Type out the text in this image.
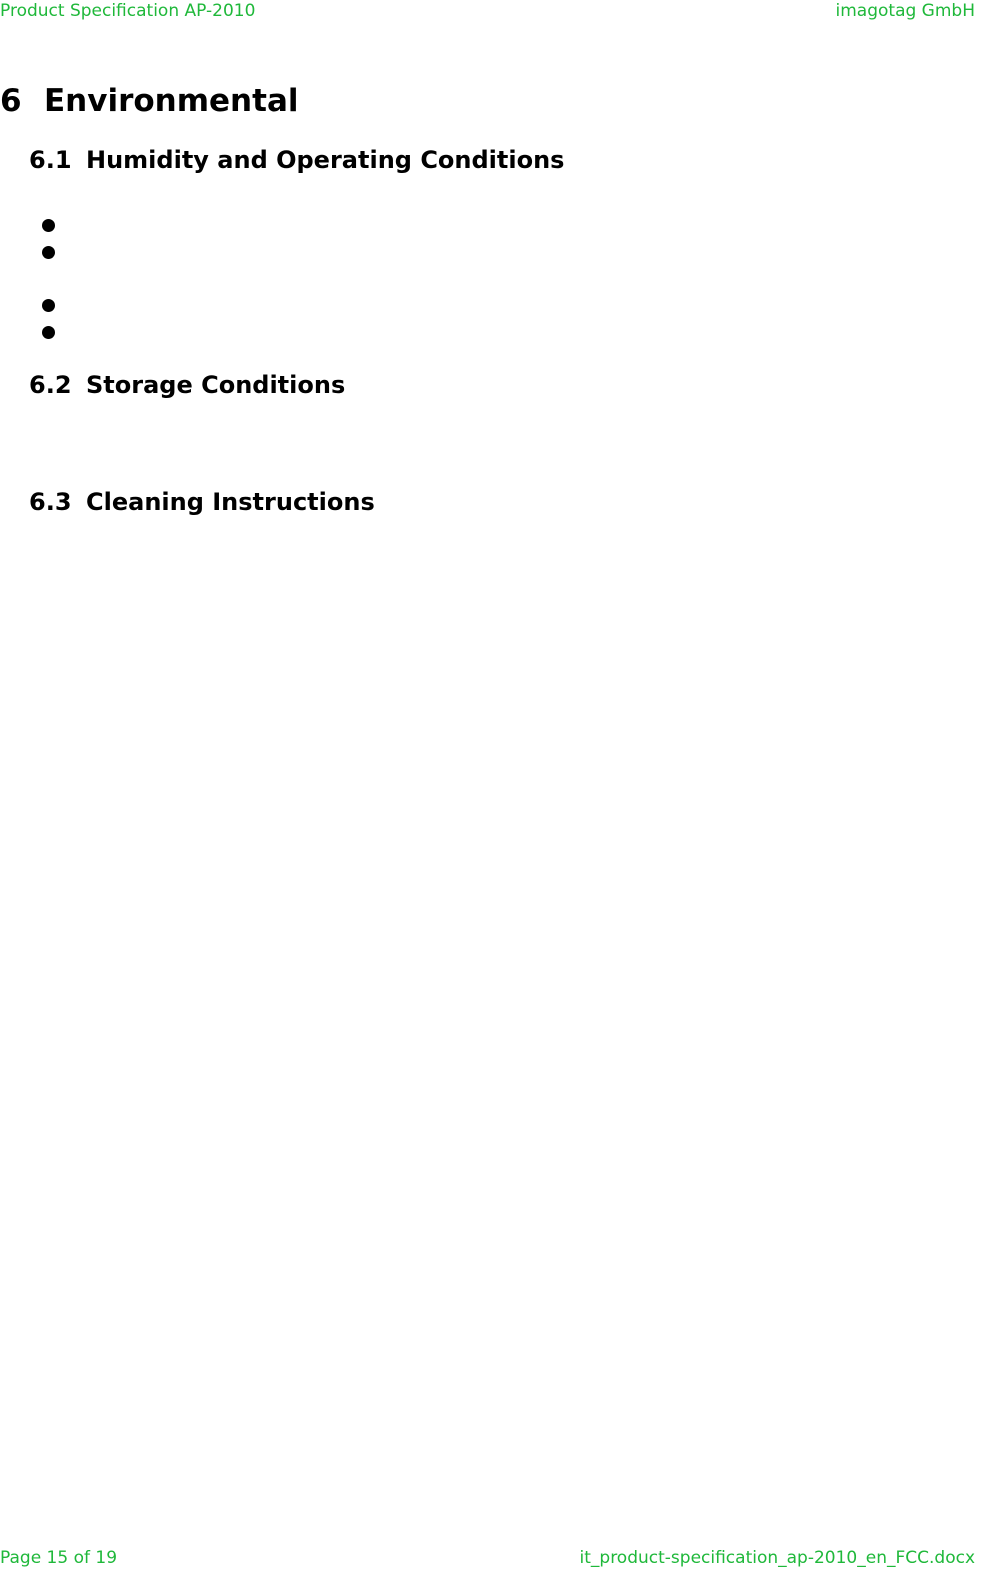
Product Specification AP-2010	imagotag GmbH
6 Environmental
6.1 Humidity and Operating Conditions
6.2 Storage Conditions
6.3 Cleaning Instructions
Page 15 of 19	it_product-specification_ap-2010_en_FCC.docx
